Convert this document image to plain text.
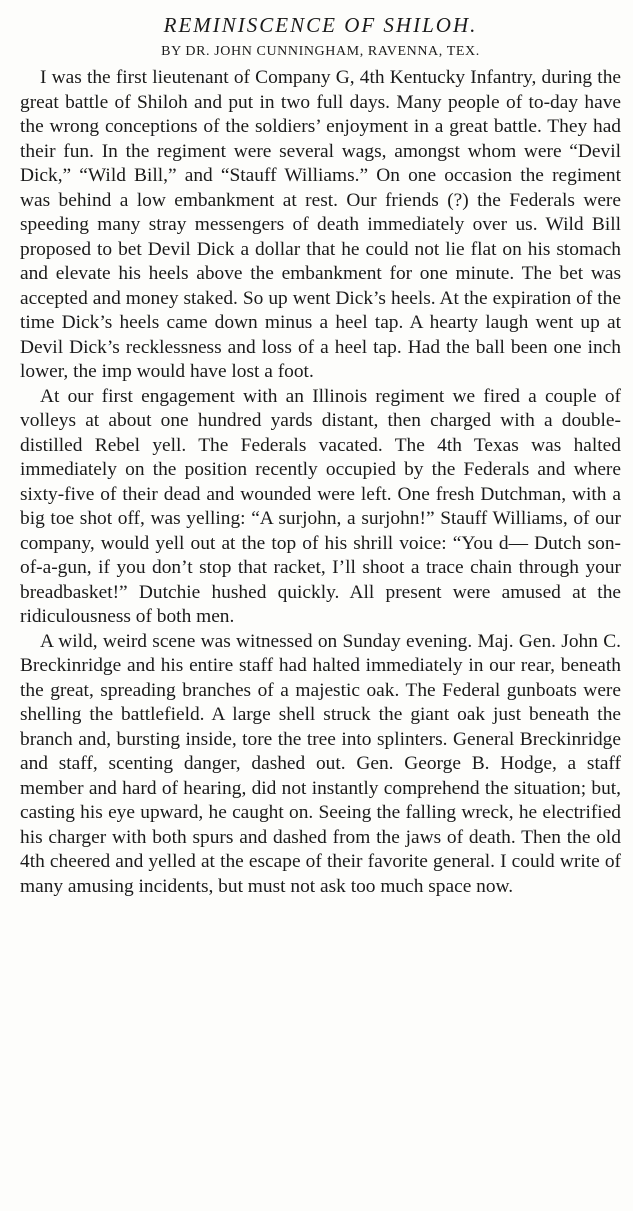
REMINISCENCE OF SHILOH.
BY DR. JOHN CUNNINGHAM, RAVENNA, TEX.

I was the first lieutenant of Company G, 4th Kentucky Infantry, during the great battle of Shiloh and put in two full days. Many people of to-day have the wrong conceptions of the soldiers’ enjoyment in a great battle. They had their fun. In the regiment were several wags, amongst whom were “Devil Dick,” “Wild Bill,” and “Stauff Williams.” On one occasion the regiment was behind a low embankment at rest. Our friends (?) the Federals were speeding many stray messengers of death immediately over us. Wild Bill proposed to bet Devil Dick a dollar that he could not lie flat on his stomach and elevate his heels above the embankment for one minute. The bet was accepted and money staked. So up went Dick’s heels. At the expiration of the time Dick’s heels came down minus a heel tap. A hearty laugh went up at Devil Dick’s recklessness and loss of a heel tap. Had the ball been one inch lower, the imp would have lost a foot.

At our first engagement with an Illinois regiment we fired a couple of volleys at about one hundred yards distant, then charged with a double-distilled Rebel yell. The Federals vacated. The 4th Texas was halted immediately on the position recently occupied by the Federals and where sixty-five of their dead and wounded were left. One fresh Dutchman, with a big toe shot off, was yelling: “A surjohn, a surjohn!” Stauff Williams, of our company, would yell out at the top of his shrill voice: “You d— Dutch son-of-a-gun, if you don’t stop that racket, I’ll shoot a trace chain through your breadbasket!” Dutchie hushed quickly. All present were amused at the ridiculousness of both men.

A wild, weird scene was witnessed on Sunday evening. Maj. Gen. John C. Breckinridge and his entire staff had halted immediately in our rear, beneath the great, spreading branches of a majestic oak. The Federal gunboats were shelling the battlefield. A large shell struck the giant oak just beneath the branch and, bursting inside, tore the tree into splinters. General Breckinridge and staff, scenting danger, dashed out. Gen. George B. Hodge, a staff member and hard of hearing, did not instantly comprehend the situation; but, casting his eye upward, he caught on. Seeing the falling wreck, he electrified his charger with both spurs and dashed from the jaws of death. Then the old 4th cheered and yelled at the escape of their favorite general. I could write of many amusing incidents, but must not ask too much space now.
